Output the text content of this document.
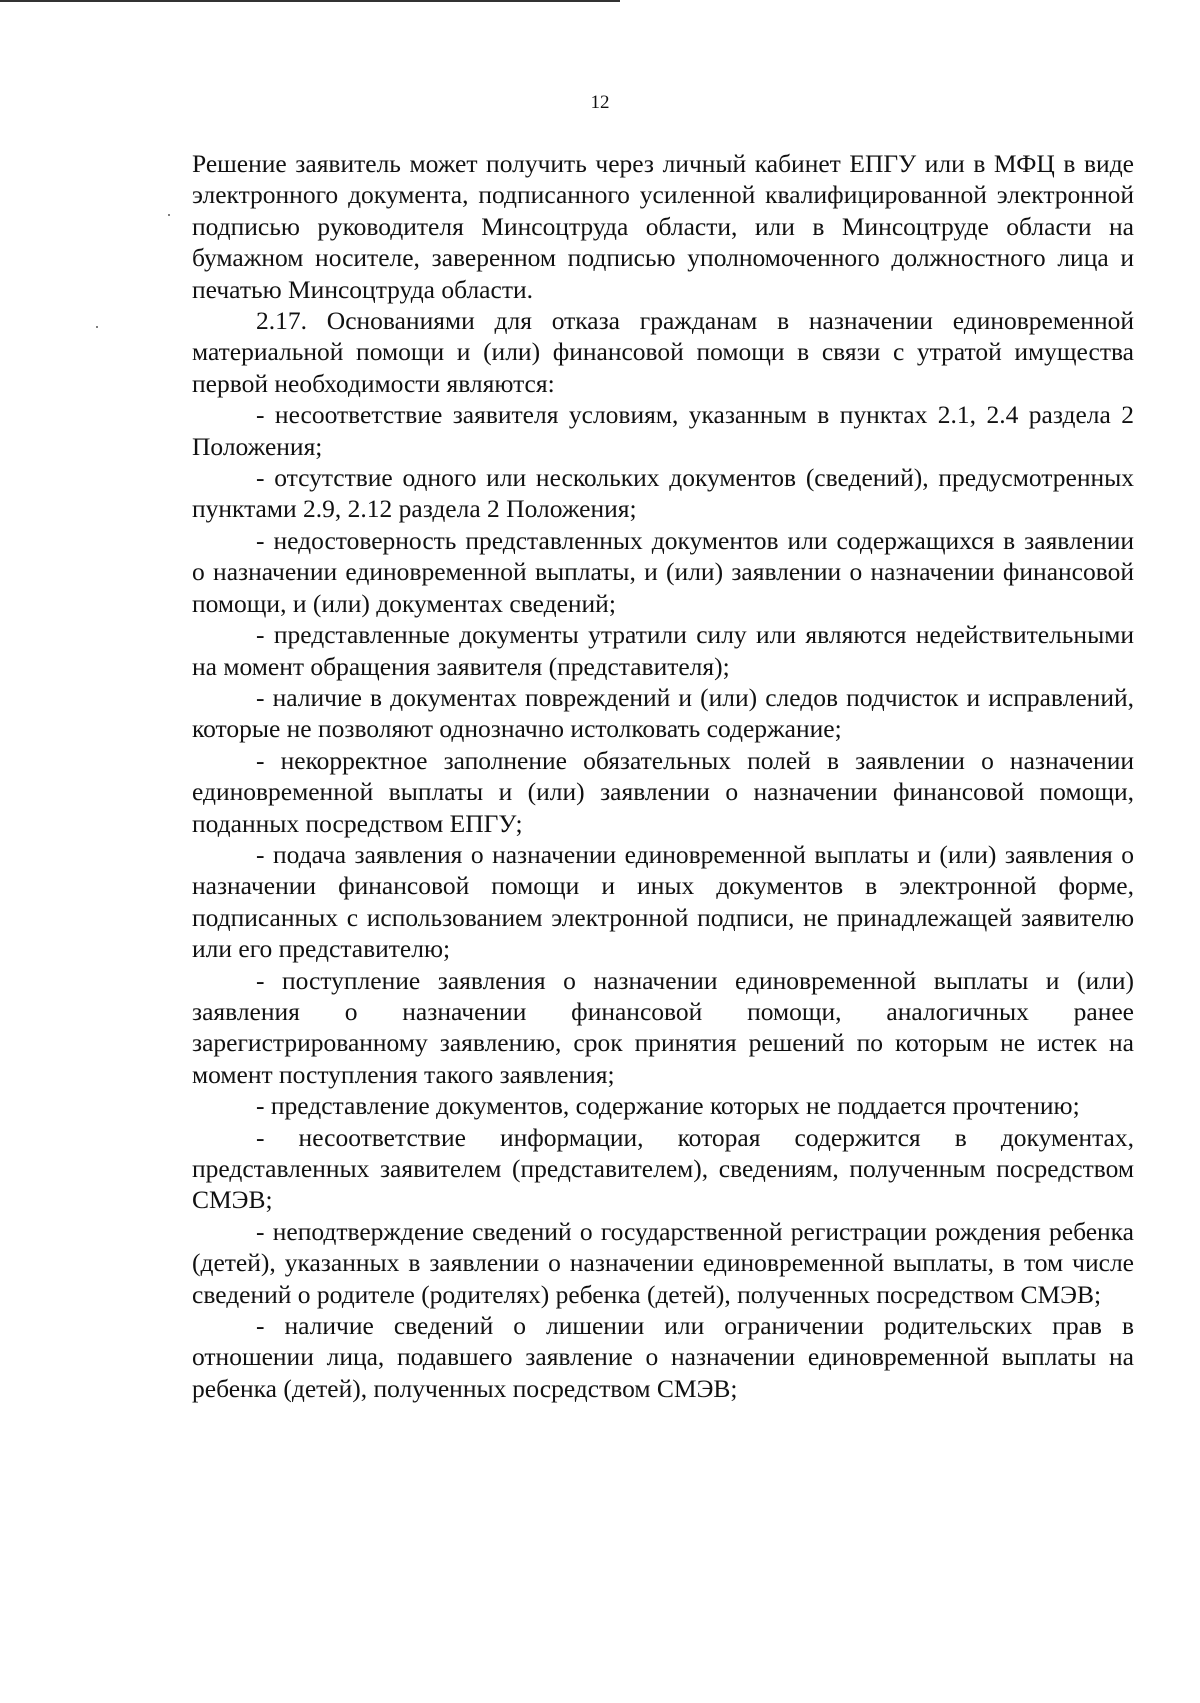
12

Решение заявитель может получить через личный кабинет ЕПГУ или в МФЦ в виде электронного документа, подписанного усиленной квалифицированной электронной подписью руководителя Минсоцтруда области, или в Минсоцтруде области на бумажном носителе, заверенном подписью уполномоченного должностного лица и печатью Минсоцтруда области.

2.17. Основаниями для отказа гражданам в назначении единовременной материальной помощи и (или) финансовой помощи в связи с утратой имущества первой необходимости являются:

- несоответствие заявителя условиям, указанным в пунктах 2.1, 2.4 раздела 2 Положения;

- отсутствие одного или нескольких документов (сведений), предусмотренных пунктами 2.9, 2.12 раздела 2 Положения;

- недостоверность представленных документов или содержащихся в заявлении о назначении единовременной выплаты, и (или) заявлении о назначении финансовой помощи, и (или) документах сведений;

- представленные документы утратили силу или являются недействительными на момент обращения заявителя (представителя);

- наличие в документах повреждений и (или) следов подчисток и исправлений, которые не позволяют однозначно истолковать содержание;

- некорректное заполнение обязательных полей в заявлении о назначении единовременной выплаты и (или) заявлении о назначении финансовой помощи, поданных посредством ЕПГУ;

- подача заявления о назначении единовременной выплаты и (или) заявления о назначении финансовой помощи и иных документов в электронной форме, подписанных с использованием электронной подписи, не принадлежащей заявителю или его представителю;

- поступление заявления о назначении единовременной выплаты и (или) заявления о назначении финансовой помощи, аналогичных ранее зарегистрированному заявлению, срок принятия решений по которым не истек на момент поступления такого заявления;

- представление документов, содержание которых не поддается прочтению;

- несоответствие информации, которая содержится в документах, представленных заявителем (представителем), сведениям, полученным посредством СМЭВ;

- неподтверждение сведений о государственной регистрации рождения ребенка (детей), указанных в заявлении о назначении единовременной выплаты, в том числе сведений о родителе (родителях) ребенка (детей), полученных посредством СМЭВ;

- наличие сведений о лишении или ограничении родительских прав в отношении лица, подавшего заявление о назначении единовременной выплаты на ребенка (детей), полученных посредством СМЭВ;
